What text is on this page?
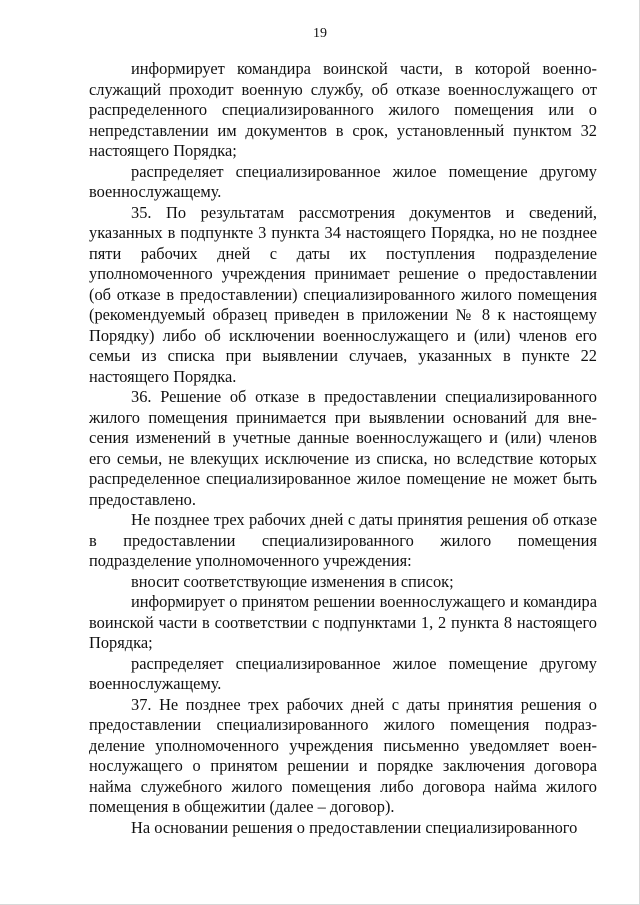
19

информирует командира воинской части, в которой военнослужащий проходит военную службу, об отказе военнослужащего от распределенного специализированного жилого помещения или о непредставлении им документов в срок, установленный пунктом 32 настоящего Порядка;

распределяет специализированное жилое помещение другому военнослужащему.

35. По результатам рассмотрения документов и сведений, указанных в подпункте 3 пункта 34 настоящего Порядка, но не позднее пяти рабочих дней с даты их поступления подразделение уполномоченного учреждения принимает решение о предоставлении (об отказе в предоставлении) специализированного жилого помещения (рекомендуемый образец приведен в приложении № 8 к настоящему Порядку) либо об исключении военнослужащего и (или) членов его семьи из списка при выявлении случаев, указанных в пункте 22 настоящего Порядка.

36. Решение об отказе в предоставлении специализированного жилого помещения принимается при выявлении оснований для внесения изменений в учетные данные военнослужащего и (или) членов его семьи, не влекущих исключение из списка, но вследствие которых распределенное специализированное жилое помещение не может быть предоставлено.

Не позднее трех рабочих дней с даты принятия решения об отказе в предоставлении специализированного жилого помещения подразделение уполномоченного учреждения:

вносит соответствующие изменения в список;

информирует о принятом решении военнослужащего и командира воинской части в соответствии с подпунктами 1, 2 пункта 8 настоящего Порядка;

распределяет специализированное жилое помещение другому военнослужащему.

37. Не позднее трех рабочих дней с даты принятия решения о предоставлении специализированного жилого помещения подразделение уполномоченного учреждения письменно уведомляет военнослужащего о принятом решении и порядке заключения договора найма служебного жилого помещения либо договора найма жилого помещения в общежитии (далее – договор).

На основании решения о предоставлении специализированного
